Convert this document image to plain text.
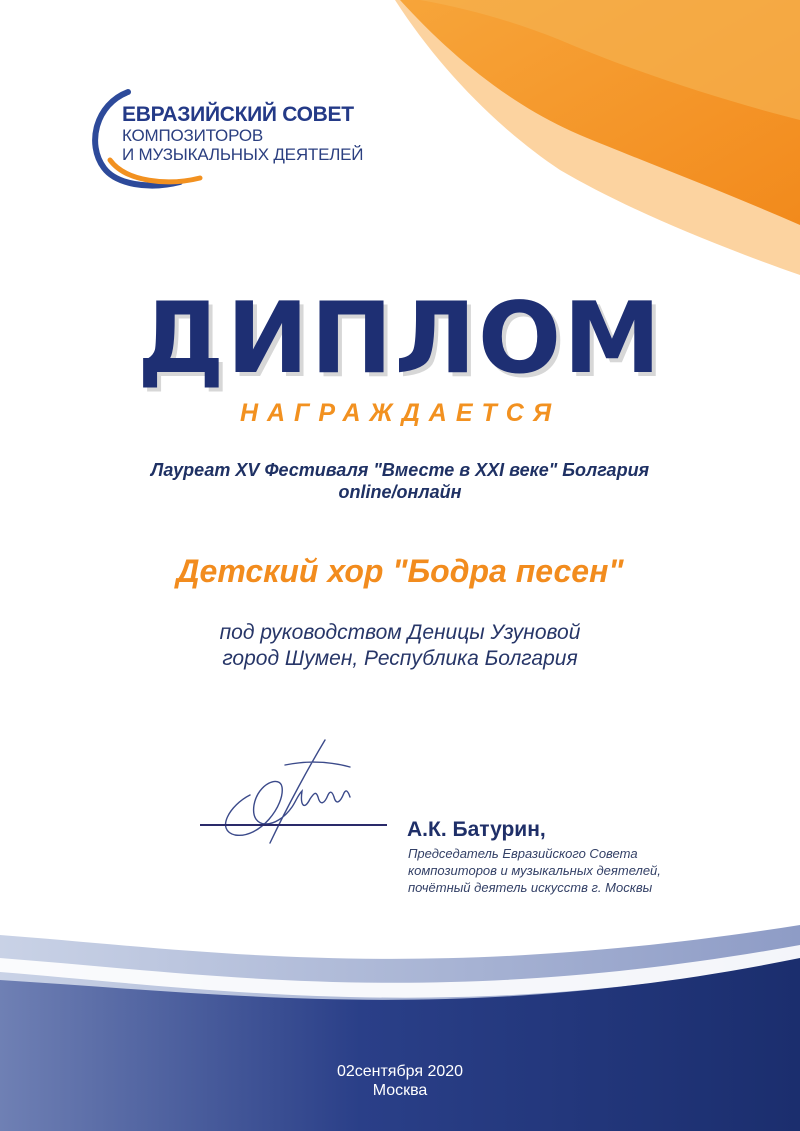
ЕВРАЗИЙСКИЙ СОВЕТ
КОМПОЗИТОРОВ
И МУЗЫКАЛЬНЫХ ДЕЯТЕЛЕЙ
ДИПЛОМ
НАГРАЖДАЕТСЯ
Лауреат XV Фестиваля "Вместе в XXI веке" Болгария
online/онлайн
Детский хор "Бодра песен"
под руководством Деницы Узуновой
город Шумен, Республика Болгария
А.К. Батурин,
Председатель Евразийского Совета
композиторов и музыкальных деятелей,
почётный деятель искусств г. Москвы
02сентября 2020
Москва
